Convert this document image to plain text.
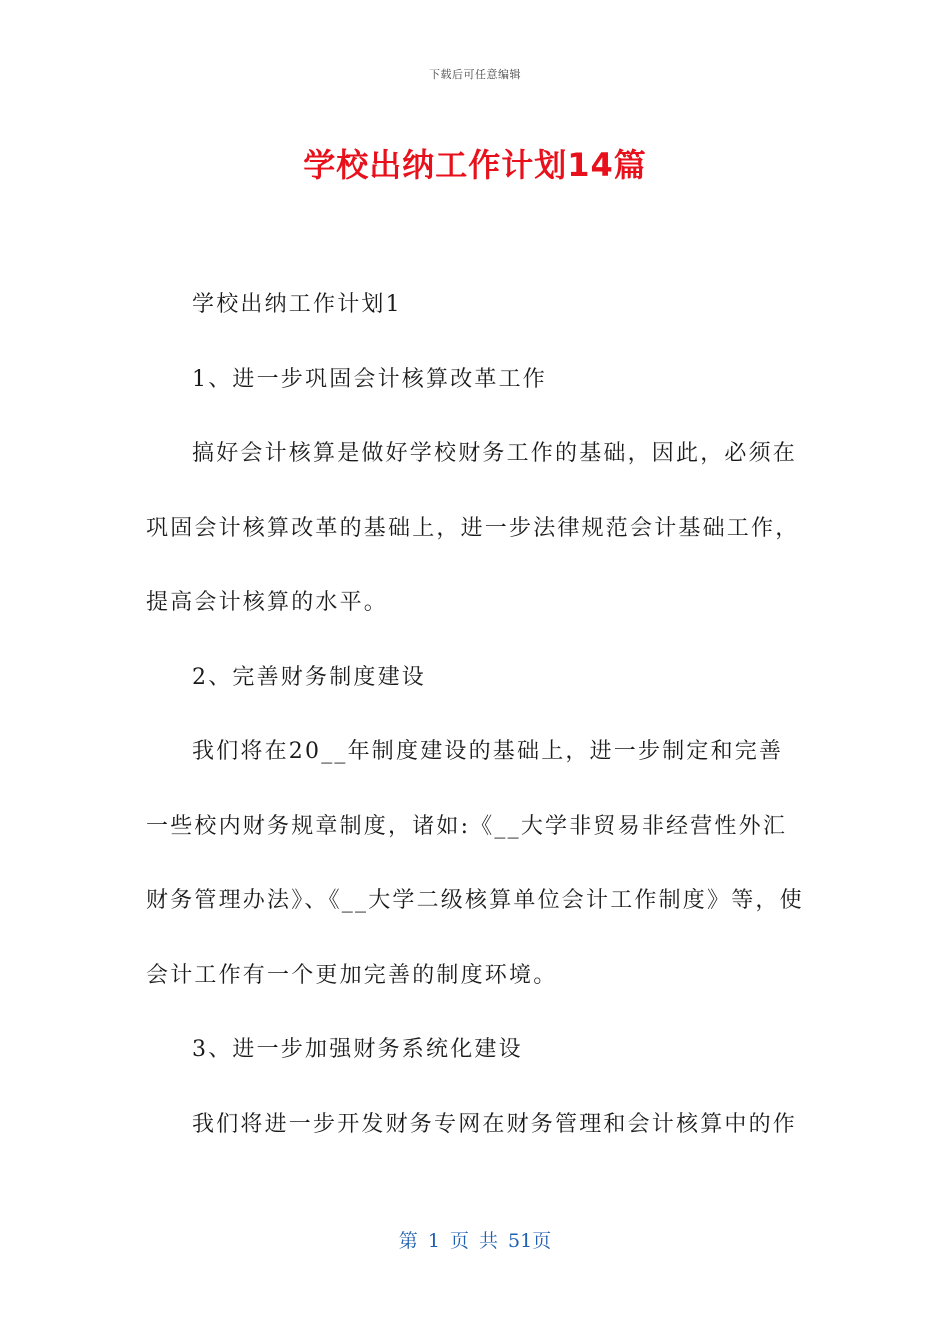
下载后可任意编辑
学校出纳工作计划14篇

学校出纳工作计划1

1、进一步巩固会计核算改革工作

搞好会计核算是做好学校财务工作的基础，因此，必须在巩固会计核算改革的基础上，进一步法律规范会计基础工作，提高会计核算的水平。

2、完善财务制度建设

我们将在20__年制度建设的基础上，进一步制定和完善一些校内财务规章制度，诸如:《__大学非贸易非经营性外汇财务管理办法》、《__大学二级核算单位会计工作制度》等，使会计工作有一个更加完善的制度环境。

3、进一步加强财务系统化建设

我们将进一步开发财务专网在财务管理和会计核算中的作

第 1 页 共 51页
